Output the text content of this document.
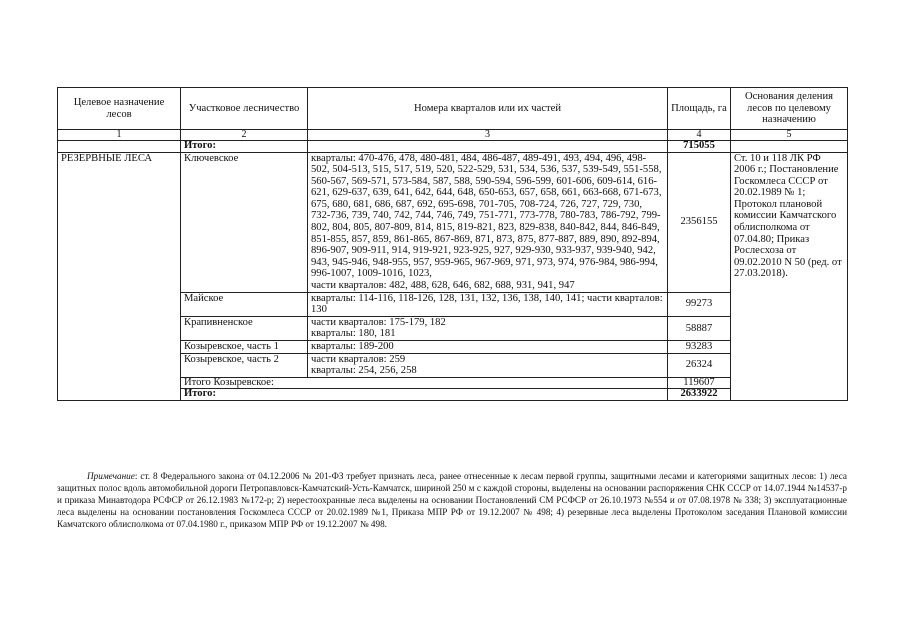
Целевое назначение лесов	Участковое лесничество	Номера кварталов или их частей	Площадь, га	Основания деления лесов по целевому назначению
1	2	3	4	5
	Итого:		715055	
РЕЗЕРВНЫЕ ЛЕСА	Ключевское	кварталы: 470-476, 478, 480-481, 484, 486-487, 489-491, 493, 494, 496, 498-502, 504-513, 515, 517, 519, 520, 522-529, 531, 534, 536, 537, 539-549, 551-558, 560-567, 569-571, 573-584, 587, 588, 590-594, 596-599, 601-606, 609-614, 616-621, 629-637, 639, 641, 642, 644, 648, 650-653, 657, 658, 661, 663-668, 671-673, 675, 680, 681, 686, 687, 692, 695-698, 701-705, 708-724, 726, 727, 729, 730, 732-736, 739, 740, 742, 744, 746, 749, 751-771, 773-778, 780-783, 786-792, 799-802, 804, 805, 807-809, 814, 815, 819-821, 823, 829-838, 840-842, 844, 846-849, 851-855, 857, 859, 861-865, 867-869, 871, 873, 875, 877-887, 889, 890, 892-894, 896-907, 909-911, 914, 919-921, 923-925, 927, 929-930, 933-937, 939-940, 942, 943, 945-946, 948-955, 957, 959-965, 967-969, 971, 973, 974, 976-984, 986-994, 996-1007, 1009-1016, 1023,
части кварталов: 482, 488, 628, 646, 682, 688, 931, 941, 947	2356155	Ст. 10 и 118 ЛК РФ 2006 г.; Постановление Госкомлеса СССР от 20.02.1989 № 1; Протокол плановой комиссии Камчатского облисполкома от 07.04.80; Приказ Рослесхоза от 09.02.2010 N 50 (ред. от 27.03.2018).
	Майское	кварталы: 114-116, 118-126, 128, 131, 132, 136, 138, 140, 141; части кварталов: 130	99273	
	Крапивненское	части кварталов: 175-179, 182
кварталы: 180, 181	58887	
	Козыревское, часть 1	кварталы: 189-200	93283	
	Козыревское, часть 2	части кварталов: 259
кварталы: 254, 256, 258	26324	
	Итого Козыревское:		119607	
	Итого:		2633922	

Примечание: ст. 8 Федерального закона от 04.12.2006 № 201-ФЗ требует признать леса, ранее отнесенные к лесам первой группы, защитными лесами и категориями защитных лесов: 1) леса защитных полос вдоль автомобильной дороги Петропавловск-Камчатский-Усть-Камчатск, шириной 250 м с каждой стороны, выделены на основании распоряжения СНК СССР от 14.07.1944 №14537-р и приказа Минавтодора РСФСР от 26.12.1983 №172-р; 2) нерестоохранные леса выделены на основании Постановлений СМ РСФСР от 26.10.1973 №554 и от 07.08.1978 № 338; 3) эксплуатационные леса выделены на основании постановления Госкомлеса СССР от 20.02.1989 №1, Приказа МПР РФ от 19.12.2007 № 498; 4) резервные леса выделены Протоколом заседания Плановой комиссии Камчатского облисполкома от 07.04.1980 г., приказом МПР РФ от 19.12.2007 № 498.
